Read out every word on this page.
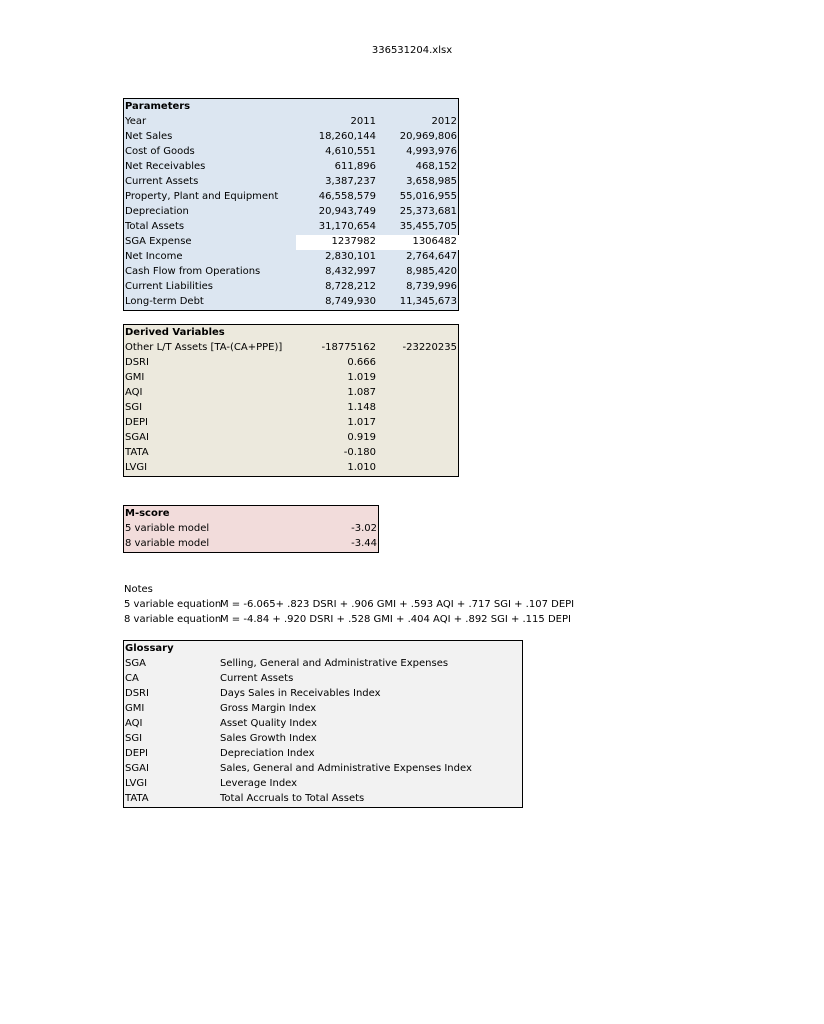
336531204.xlsx
Parameters
Year	2011	2012
Net Sales	18,260,144 20,969,806
Cost of Goods	4,610,551	4,993,976
Net Receivables	611,896	468,152
Current Assets	3,387,237	3,658,985
Property, Plant and Equipment	46,558,579 55,016,955
Depreciation	20,943,749 25,373,681
Total Assets	31,170,654 35,455,705
SGA Expense	1237982	1306482
Net Income	2,830,101	2,764,647
Cash Flow from Operations	8,432,997	8,985,420
Current Liabilities	8,728,212	8,739,996
Long-term Debt	8,749,930 11,345,673
Derived Variables
Other L/T Assets [TA-(CA+PPE)]	-18775162	-23220235
DSRI	0.666
GMI	1.019
AQI	1.087
SGI	1.148
DEPI	1.017
SGAI	0.919
TATA	-0.180
LVGI	1.010
M-score
5 variable model	-3.02
8 variable model	-3.44
Notes
5 variable equation
M = -6.065+ .823 DSRI + .906 GMI + .593 AQI + .717 SGI + .107 DEPI
8 variable equation
M = -4.84 + .920 DSRI + .528 GMI + .404 AQI + .892 SGI + .115 DEPI
Glossary
SGA	Selling, General and Administrative Expenses
CA	Current Assets
DSRI	Days Sales in Receivables Index
GMI	Gross Margin Index
AQI	Asset Quality Index
SGI	Sales Growth Index
DEPI	Depreciation Index
SGAI	Sales, General and Administrative Expenses Index
LVGI	Leverage Index
TATA	Total Accruals to Total Assets
